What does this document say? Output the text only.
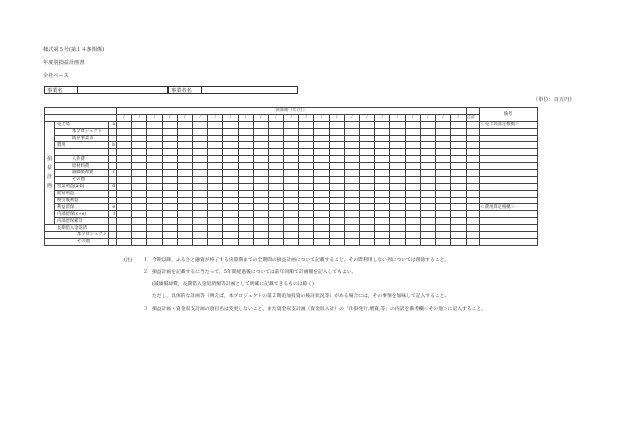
様式第５号(第１４条関係)
年度別損益計画書
全社ベース
事業名	事業者名
（単位：百万円）
			決算期（年/月）																								備考
			/	/	/	/	/	/	/	/	/	/	/	/	/	/	/	/	/	/	/	/	/	/	/	合計	

損
益
計
画	売上高	a																									＜売上高算定根拠＞
	本プロジェクト																										
	既存事業等																										
	費用	b																									

	人件費																										
	原材料費																										
	減価償却費	c																									
	その他																										
	営業利益(a-b)	d																									
	経常利益																										
	税引後利益																										
	利益留保	e																									＜費用算定根拠＞
	内部留保(c+e)	f																									
	内部留保累計																										
長期借入金返済																											
本プロジェクト																											
その他																											
(注) １ 今期以降，ふるさと融資が終了する決算期までの全期間の損益計画について記載すること。その際利用しない列については削除すること。
２ 損益計画を記載するに当たって，5年間経過後については前年同額で計画額を記入してもよい。
(減価償却費，長期借入金返済額等計画として明確に記載できるものは除く)
ただし，具体的な計画等（例えば，本プロジェクトの第２期追加投資の検討状況等）がある場合には，その事情を加味して記入すること。
３ 損益計画・資金収支計画の項目名は変更しないこと。また資金収支計画（資金収入計）の「仕掛発行,増資,等」の内訳を備考欄＜その他＞に記入すること。
